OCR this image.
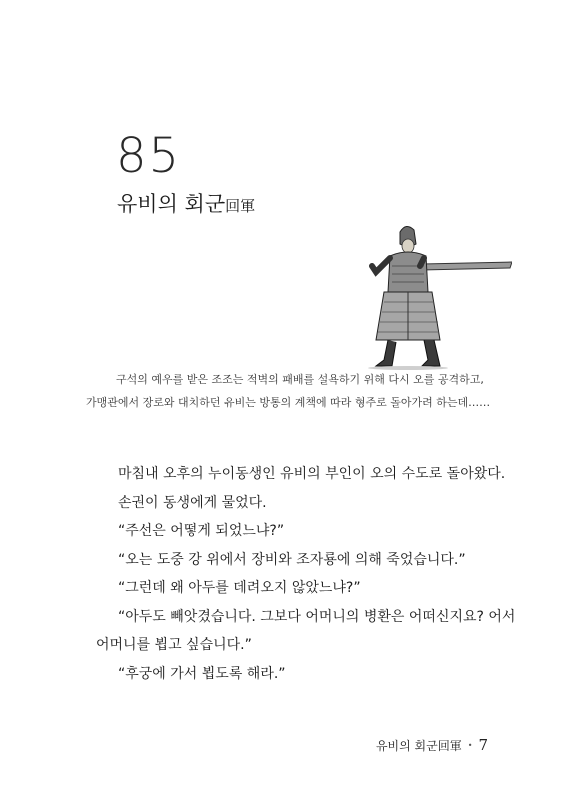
85
유비의 회군回軍
구석의 예우를 받은 조조는 적벽의 패배를 설욕하기 위해 다시 오를 공격하고,
가맹관에서 장로와 대치하던 유비는 방통의 계책에 따라 형주로 돌아가려 하는데……

마침내 오후의 누이동생인 유비의 부인이 오의 수도로 돌아왔다.

손권이 동생에게 물었다.

“주선은 어떻게 되었느냐?”

“오는 도중 강 위에서 장비와 조자룡에 의해 죽었습니다.”

“그런데 왜 아두를 데려오지 않았느냐?”

“아두도 빼앗겼습니다. 그보다 어머니의 병환은 어떠신지요? 어서

어머니를 뵙고 싶습니다.”

“후궁에 가서 뵙도록 해라.”

유비의 회군回軍 • 7
